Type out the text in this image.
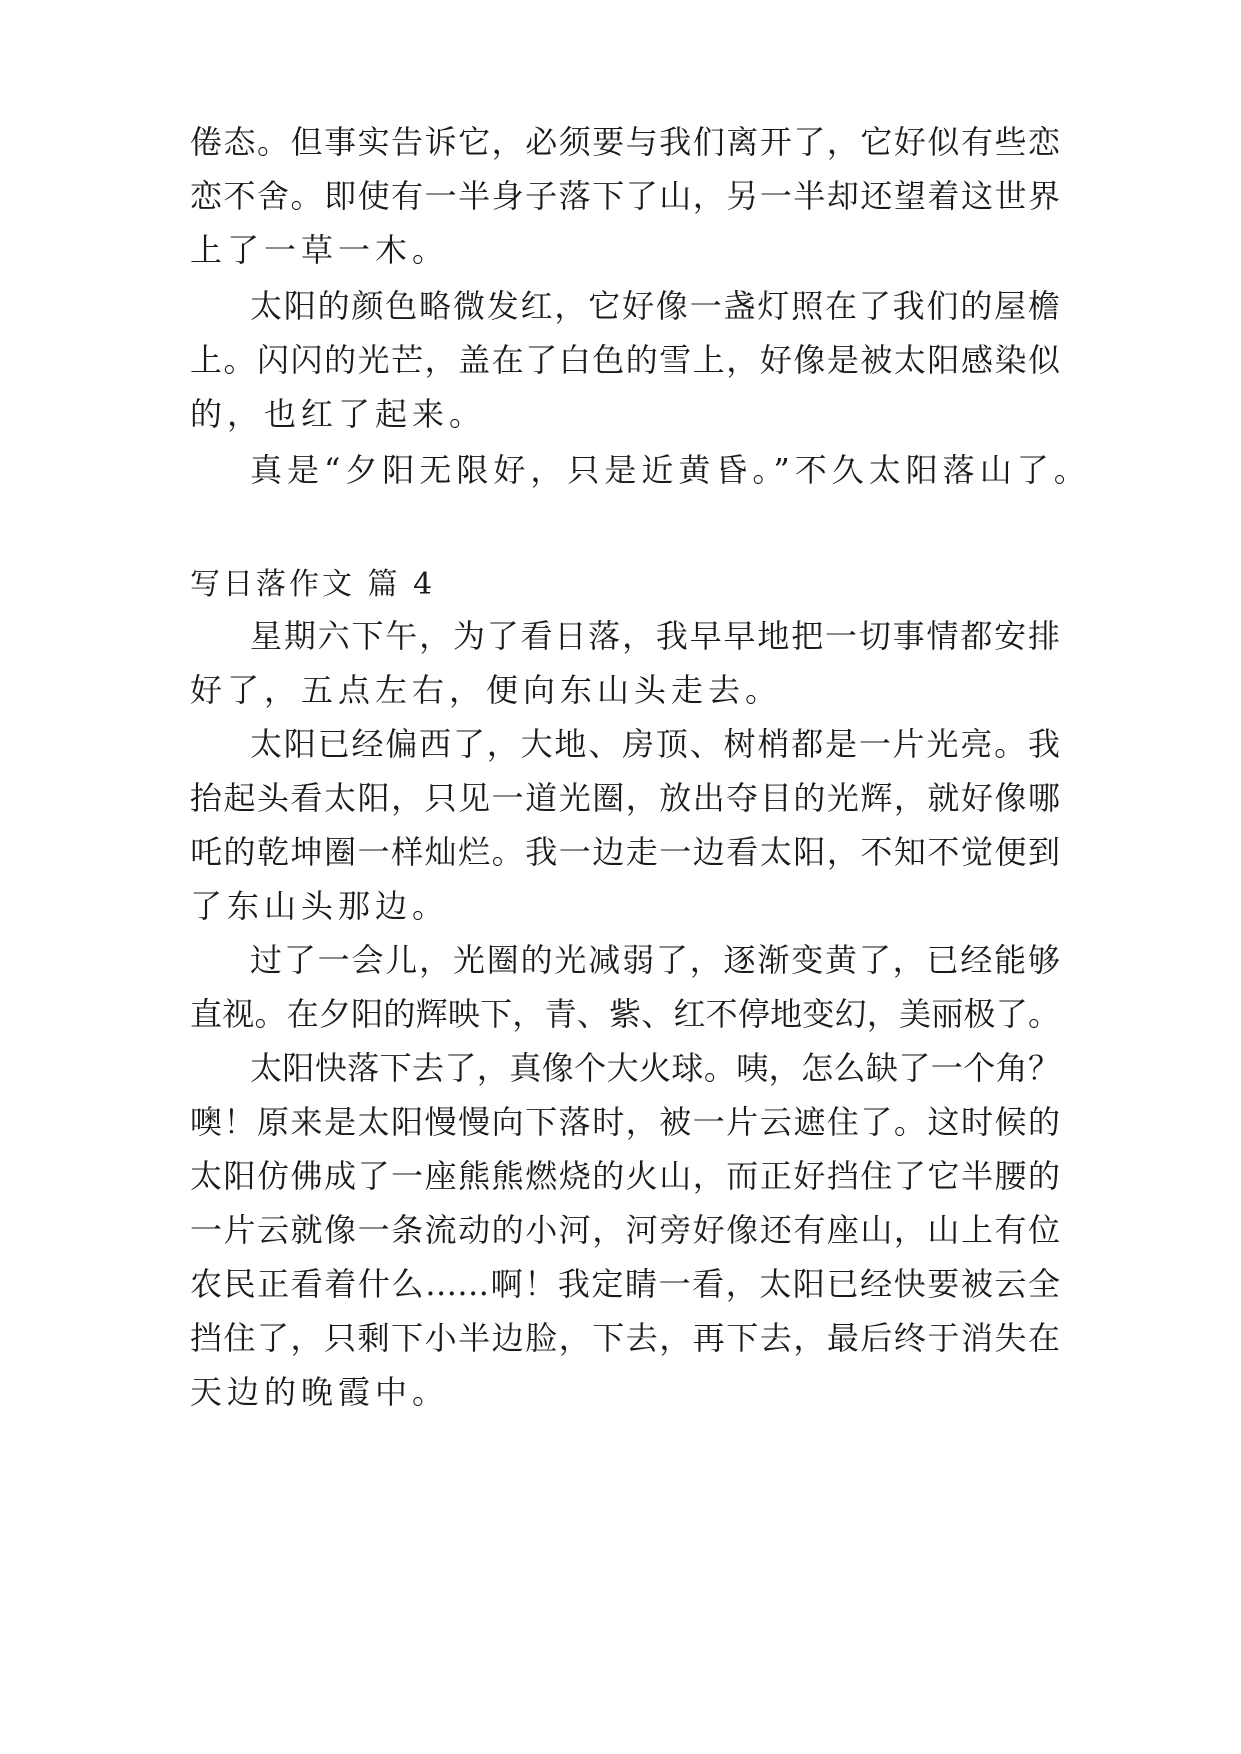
倦态。但事实告诉它，必须要与我们离开了，它好似有些恋
恋不舍。即使有一半身子落下了山，另一半却还望着这世界
上了一草一木。
太阳的颜色略微发红，它好像一盏灯照在了我们的屋檐
上。闪闪的光芒，盖在了白色的雪上，好像是被太阳感染似
的，也红了起来。
真是“夕阳无限好，只是近黄昏。”不久太阳落山了。
写日落作文 篇 4
星期六下午，为了看日落，我早早地把一切事情都安排
好了，五点左右，便向东山头走去。
太阳已经偏西了，大地、房顶、树梢都是一片光亮。我
抬起头看太阳，只见一道光圈，放出夺目的光辉，就好像哪
吒的乾坤圈一样灿烂。我一边走一边看太阳，不知不觉便到
了东山头那边。
过了一会儿，光圈的光减弱了，逐渐变黄了，已经能够
直视。在夕阳的辉映下，青、紫、红不停地变幻，美丽极了。
太阳快落下去了，真像个大火球。咦，怎么缺了一个角？
噢！原来是太阳慢慢向下落时，被一片云遮住了。这时候的
太阳仿佛成了一座熊熊燃烧的火山，而正好挡住了它半腰的
一片云就像一条流动的小河，河旁好像还有座山，山上有位
农民正看着什么……啊！我定睛一看，太阳已经快要被云全
挡住了，只剩下小半边脸，下去，再下去，最后终于消失在
天边的晚霞中。
